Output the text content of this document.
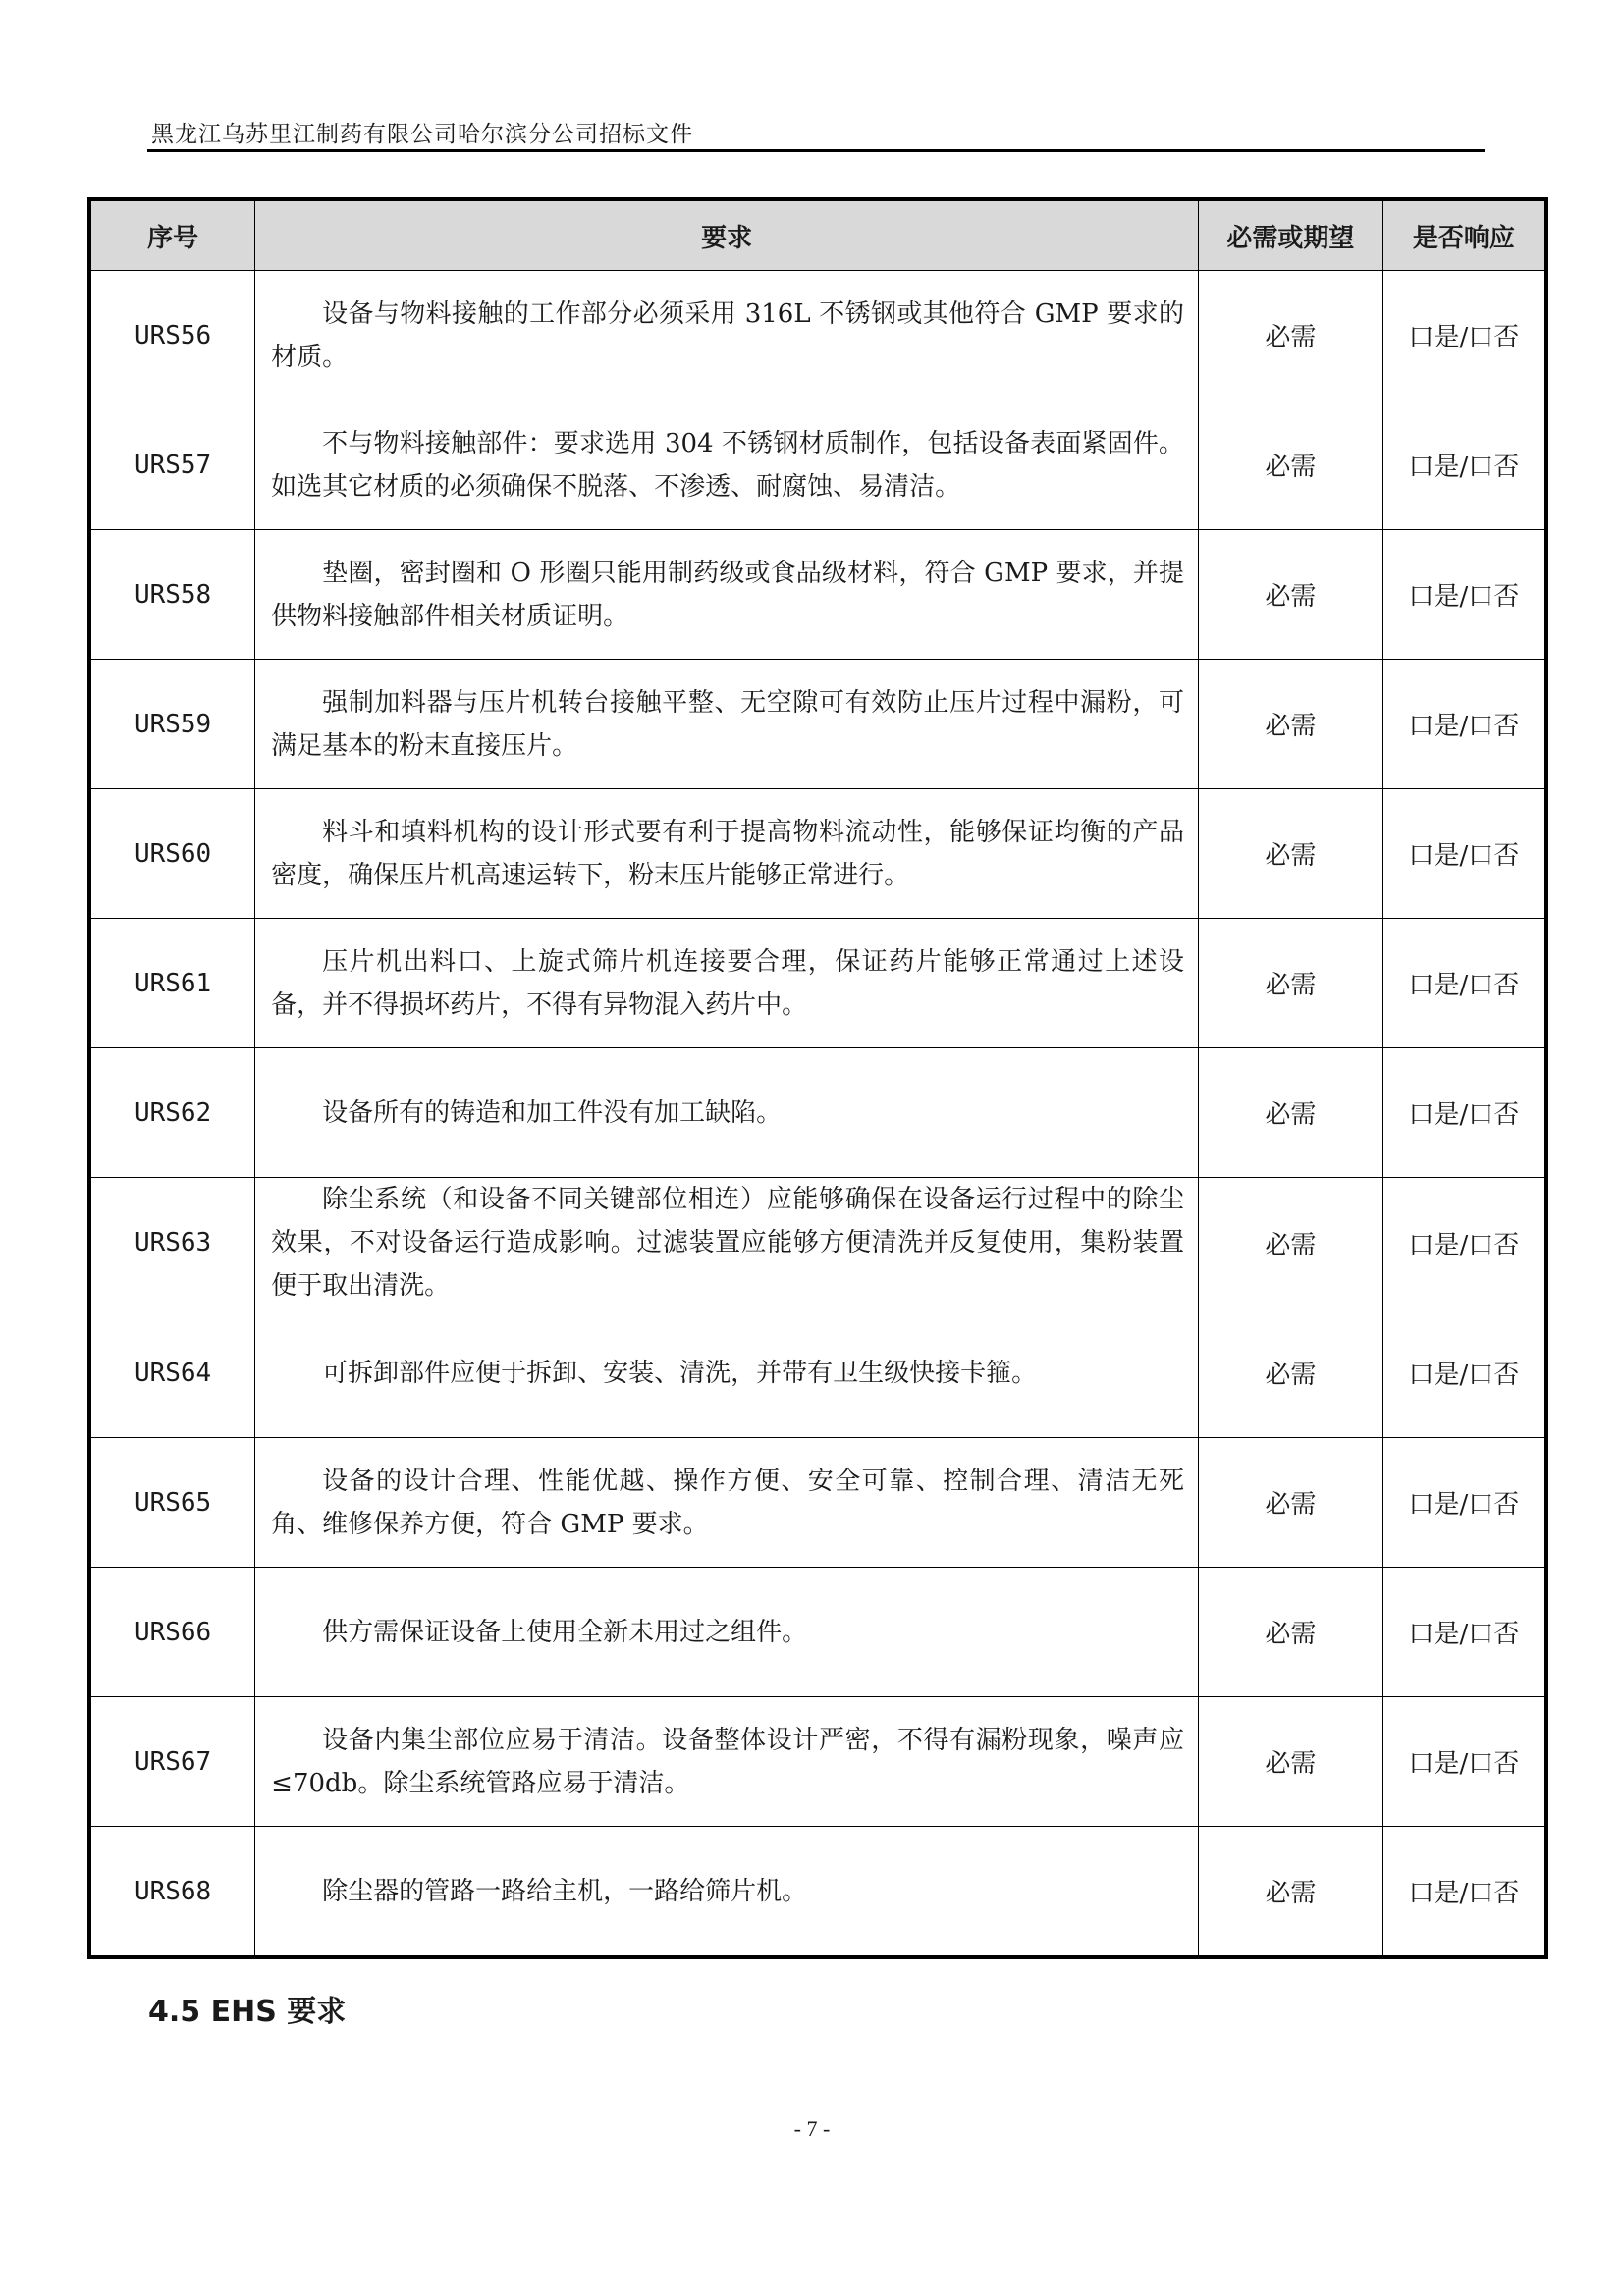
黑龙江乌苏里江制药有限公司哈尔滨分公司招标文件
序号	要求	必需或期望	是否响应
URS56	设备与物料接触的工作部分必须采用 316L 不锈钢或其他符合 GMP 要求的材质。	必需	口是/口否
URS57	不与物料接触部件：要求选用 304 不锈钢材质制作，包括设备表面紧固件。如选其它材质的必须确保不脱落、不渗透、耐腐蚀、易清洁。	必需	口是/口否
URS58	垫圈，密封圈和 O 形圈只能用制药级或食品级材料，符合 GMP 要求，并提供物料接触部件相关材质证明。	必需	口是/口否
URS59	强制加料器与压片机转台接触平整、无空隙可有效防止压片过程中漏粉，可满足基本的粉末直接压片。	必需	口是/口否
URS60	料斗和填料机构的设计形式要有利于提高物料流动性，能够保证均衡的产品密度，确保压片机高速运转下，粉末压片能够正常进行。	必需	口是/口否
URS61	压片机出料口、上旋式筛片机连接要合理，保证药片能够正常通过上述设备，并不得损坏药片，不得有异物混入药片中。	必需	口是/口否
URS62	设备所有的铸造和加工件没有加工缺陷。	必需	口是/口否
URS63	除尘系统（和设备不同关键部位相连）应能够确保在设备运行过程中的除尘效果，不对设备运行造成影响。过滤装置应能够方便清洗并反复使用，集粉装置便于取出清洗。	必需	口是/口否
URS64	可拆卸部件应便于拆卸、安装、清洗，并带有卫生级快接卡箍。	必需	口是/口否
URS65	设备的设计合理、性能优越、操作方便、安全可靠、控制合理、清洁无死角、维修保养方便，符合 GMP 要求。	必需	口是/口否
URS66	供方需保证设备上使用全新未用过之组件。	必需	口是/口否
URS67	设备内集尘部位应易于清洁。设备整体设计严密，不得有漏粉现象，噪声应≤70db。除尘系统管路应易于清洁。	必需	口是/口否
URS68	除尘器的管路一路给主机，一路给筛片机。	必需	口是/口否
4.5 EHS 要求
- 7 -
